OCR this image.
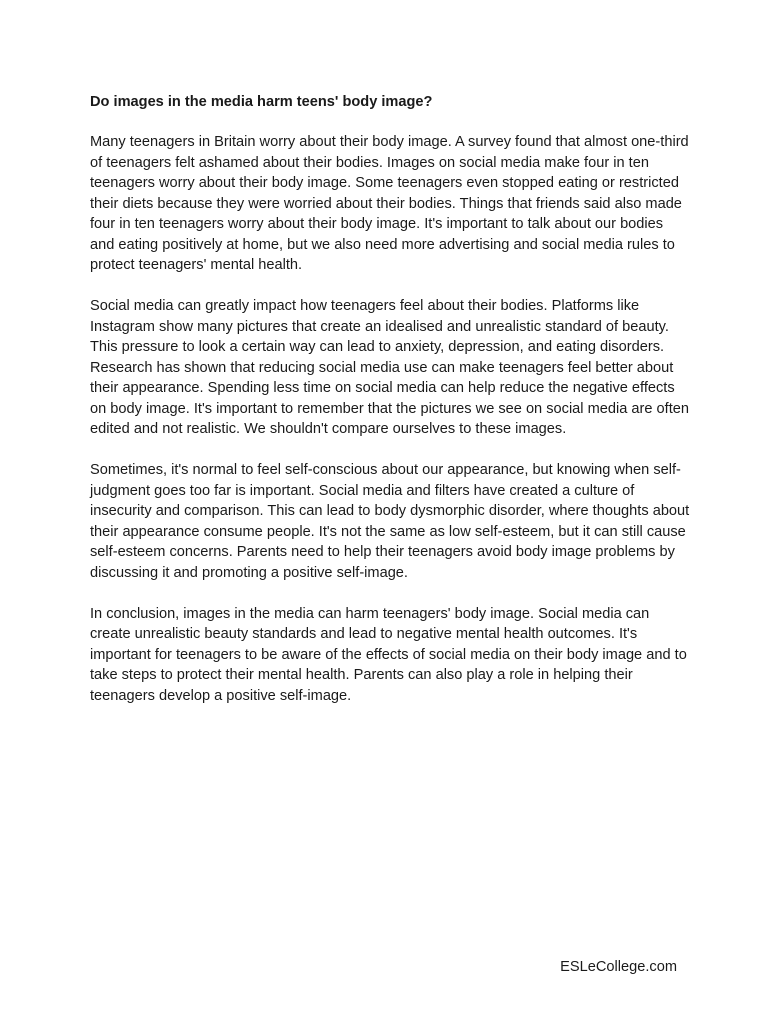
Do images in the media harm teens' body image?

Many teenagers in Britain worry about their body image. A survey found that almost one-third of teenagers felt ashamed about their bodies. Images on social media make four in ten teenagers worry about their body image. Some teenagers even stopped eating or restricted their diets because they were worried about their bodies. Things that friends said also made four in ten teenagers worry about their body image. It's important to talk about our bodies and eating positively at home, but we also need more advertising and social media rules to protect teenagers' mental health.

Social media can greatly impact how teenagers feel about their bodies. Platforms like Instagram show many pictures that create an idealised and unrealistic standard of beauty. This pressure to look a certain way can lead to anxiety, depression, and eating disorders. Research has shown that reducing social media use can make teenagers feel better about their appearance. Spending less time on social media can help reduce the negative effects on body image. It's important to remember that the pictures we see on social media are often edited and not realistic. We shouldn't compare ourselves to these images.

Sometimes, it's normal to feel self-conscious about our appearance, but knowing when self-judgment goes too far is important. Social media and filters have created a culture of insecurity and comparison. This can lead to body dysmorphic disorder, where thoughts about their appearance consume people. It's not the same as low self-esteem, but it can still cause self-esteem concerns. Parents need to help their teenagers avoid body image problems by discussing it and promoting a positive self-image.

In conclusion, images in the media can harm teenagers' body image. Social media can create unrealistic beauty standards and lead to negative mental health outcomes. It's important for teenagers to be aware of the effects of social media on their body image and to take steps to protect their mental health. Parents can also play a role in helping their teenagers develop a positive self-image.

ESLeCollege.com
